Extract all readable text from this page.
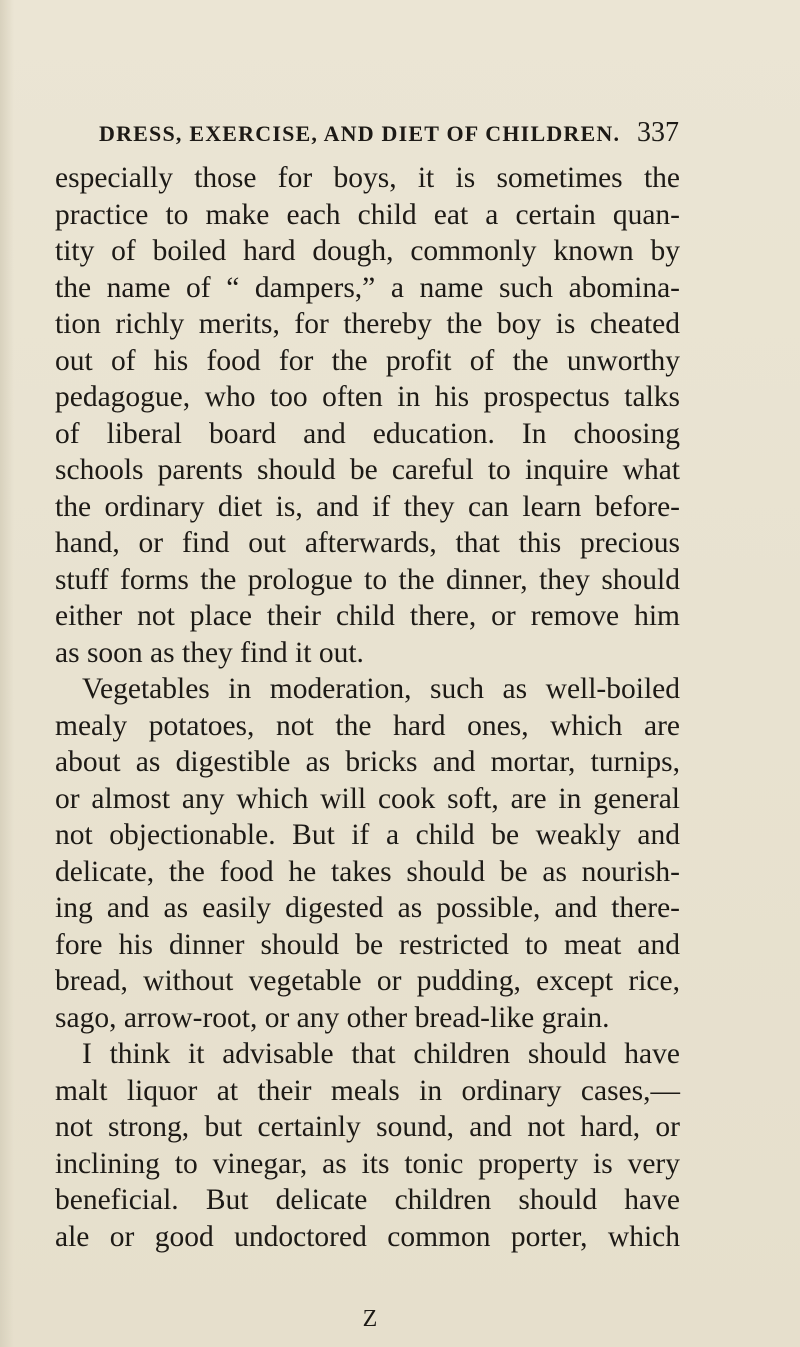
DRESS, EXERCISE, AND DIET OF CHILDREN. 337
especially those for boys, it is sometimes the
practice to make each child eat a certain quan-
tity of boiled hard dough, commonly known by
the name of “ dampers,” a name such abomina-
tion richly merits, for thereby the boy is cheated
out of his food for the profit of the unworthy
pedagogue, who too often in his prospectus talks
of liberal board and education. In choosing
schools parents should be careful to inquire what
the ordinary diet is, and if they can learn before-
hand, or find out afterwards, that this precious
stuff forms the prologue to the dinner, they should
either not place their child there, or remove him
as soon as they find it out.
Vegetables in moderation, such as well-boiled
mealy potatoes, not the hard ones, which are
about as digestible as bricks and mortar, turnips,
or almost any which will cook soft, are in general
not objectionable. But if a child be weakly and
delicate, the food he takes should be as nourish-
ing and as easily digested as possible, and there-
fore his dinner should be restricted to meat and
bread, without vegetable or pudding, except rice,
sago, arrow-root, or any other bread-like grain.
I think it advisable that children should have
malt liquor at their meals in ordinary cases,—
not strong, but certainly sound, and not hard, or
inclining to vinegar, as its tonic property is very
beneficial. But delicate children should have
ale or good undoctored common porter, which
Z
